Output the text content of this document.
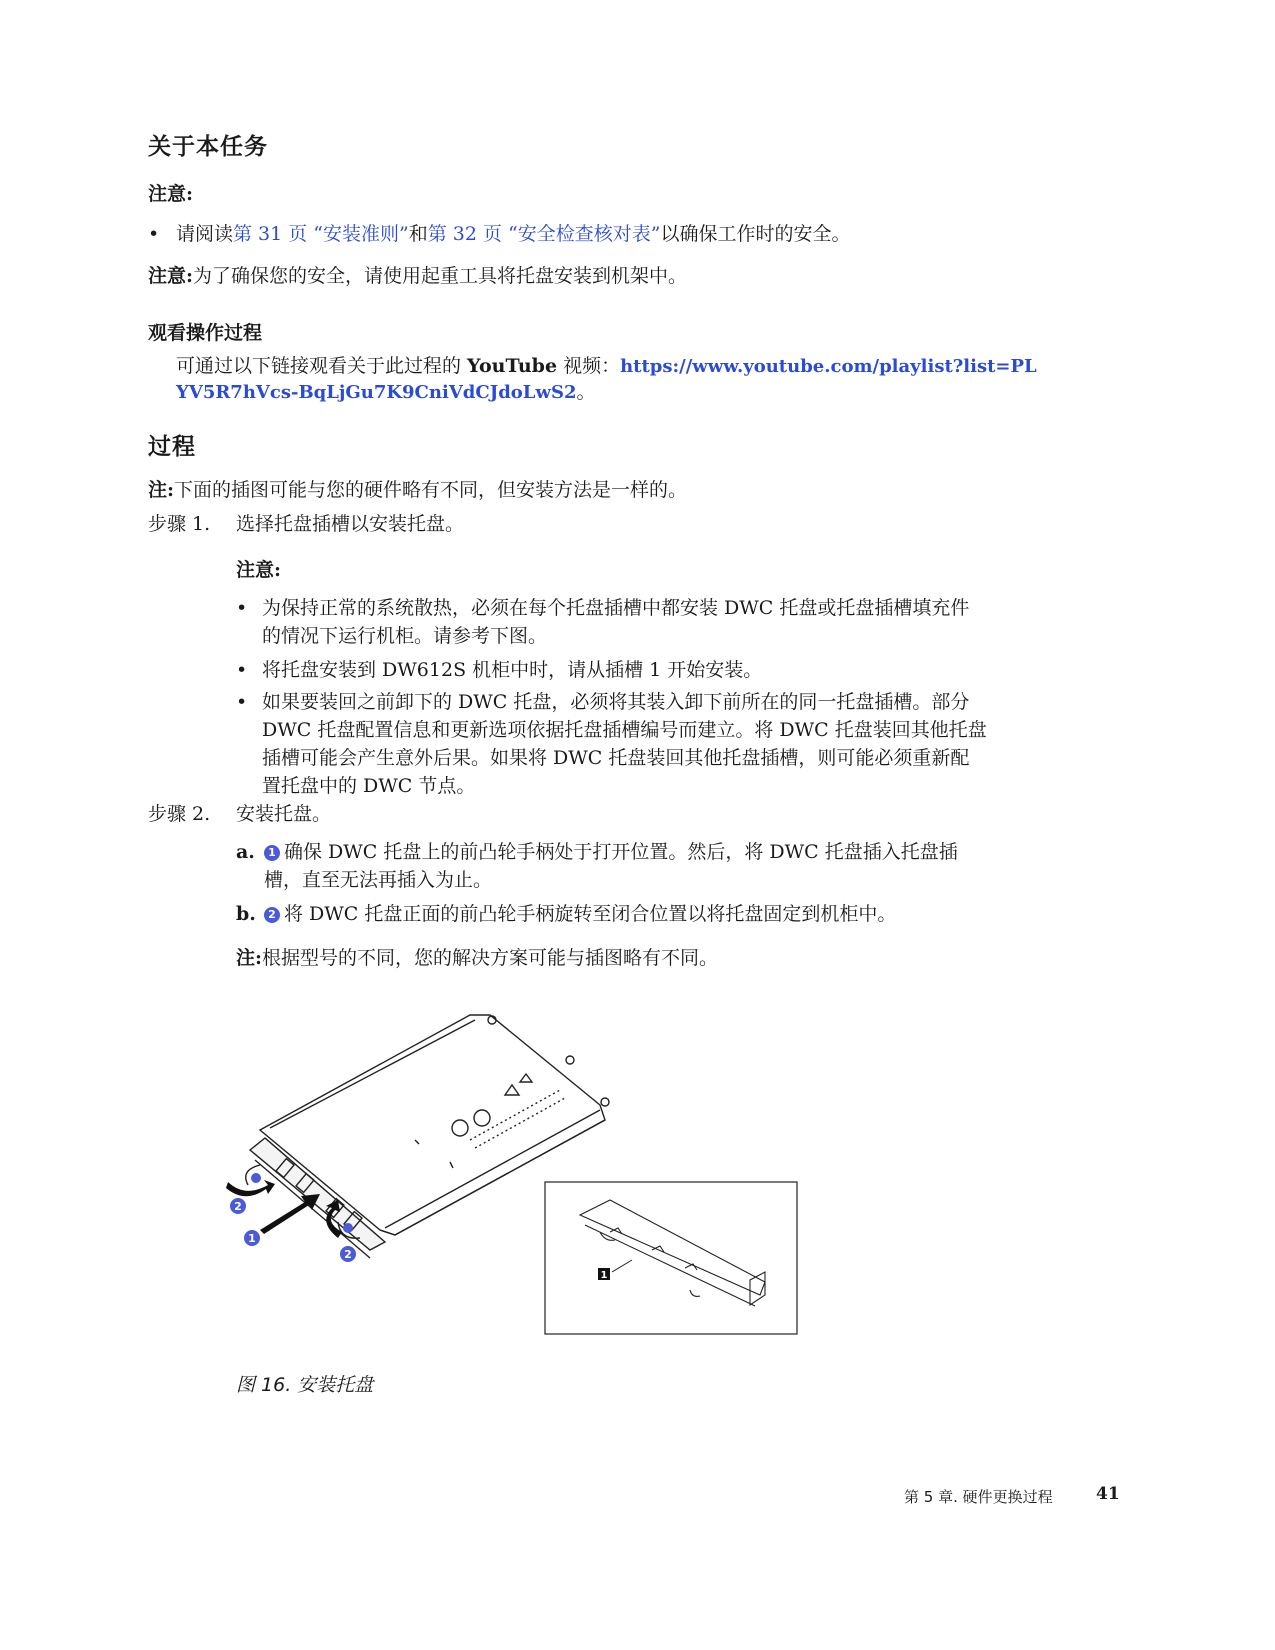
关于本任务
注意:
• 请阅读第 31 页 “安装准则”和第 32 页 “安全检查核对表”以确保工作时的安全。
注意:为了确保您的安全，请使用起重工具将托盘安装到机架中。
观看操作过程
可通过以下链接观看关于此过程的 YouTube 视频：https://www.youtube.com/playlist?list=PL
YV5R7hVcs-BqLjGu7K9CniVdCJdoLwS2。
过程
注:下面的插图可能与您的硬件略有不同，但安装方法是一样的。
步骤 1. 选择托盘插槽以安装托盘。
注意:
• 为保持正常的系统散热，必须在每个托盘插槽中都安装 DWC 托盘或托盘插槽填充件
的情况下运行机柜。请参考下图。
• 将托盘安装到 DW612S 机柜中时，请从插槽 1 开始安装。
• 如果要装回之前卸下的 DWC 托盘，必须将其装入卸下前所在的同一托盘插槽。部分
DWC 托盘配置信息和更新选项依据托盘插槽编号而建立。将 DWC 托盘装回其他托盘
插槽可能会产生意外后果。如果将 DWC 托盘装回其他托盘插槽，则可能必须重新配
置托盘中的 DWC 节点。
步骤 2. 安装托盘。
a.	1 确保 DWC 托盘上的前凸轮手柄处于打开位置。然后，将 DWC 托盘插入托盘插
槽，直至无法再插入为止。
b.	2 将 DWC 托盘正面的前凸轮手柄旋转至闭合位置以将托盘固定到机柜中。
注:根据型号的不同，您的解决方案可能与插图略有不同。
2
1
2
1
图 16. 安装托盘
第 5 章. 硬件更换过程	41
